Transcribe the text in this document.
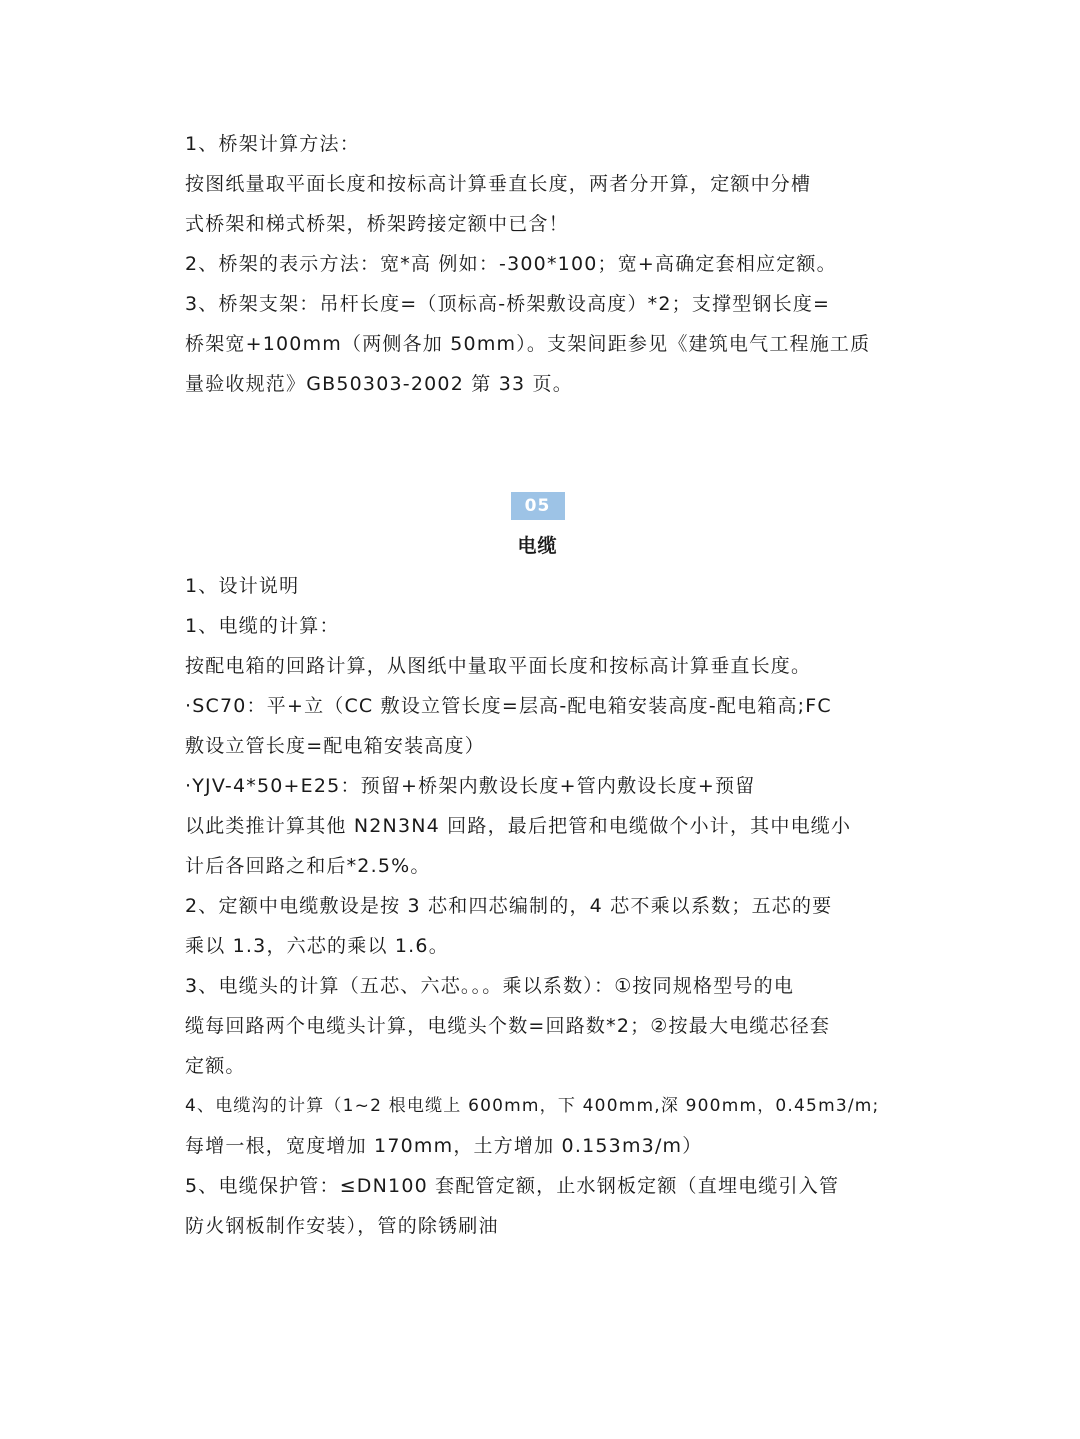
1、桥架计算方法：
按图纸量取平面长度和按标高计算垂直长度，两者分开算，定额中分槽
式桥架和梯式桥架，桥架跨接定额中已含！
2、桥架的表示方法：宽*高 例如：-300*100；宽+高确定套相应定额。
3、桥架支架：吊杆长度=（顶标高-桥架敷设高度）*2；支撑型钢长度=
桥架宽+100mm（两侧各加 50mm）。支架间距参见《建筑电气工程施工质
量验收规范》GB50303-2002 第 33 页。
05
电缆
1、设计说明
1、电缆的计算：
按配电箱的回路计算，从图纸中量取平面长度和按标高计算垂直长度。
·SC70：平+立（CC 敷设立管长度=层高-配电箱安装高度-配电箱高;FC
敷设立管长度=配电箱安装高度）
·YJV-4*50+E25：预留+桥架内敷设长度+管内敷设长度+预留
以此类推计算其他 N2N3N4 回路，最后把管和电缆做个小计，其中电缆小
计后各回路之和后*2.5%。
2、定额中电缆敷设是按 3 芯和四芯编制的，4 芯不乘以系数；五芯的要
乘以 1.3，六芯的乘以 1.6。
3、电缆头的计算（五芯、六芯。。。乘以系数）：①按同规格型号的电
缆每回路两个电缆头计算，电缆头个数=回路数*2；②按最大电缆芯径套
定额。
4、电缆沟的计算（1~2 根电缆上 600mm，下 400mm,深 900mm，0.45m3/m;
每增一根，宽度增加 170mm，土方增加 0.153m3/m）
5、电缆保护管：≤DN100 套配管定额，止水钢板定额（直埋电缆引入管
防火钢板制作安装），管的除锈刷油
